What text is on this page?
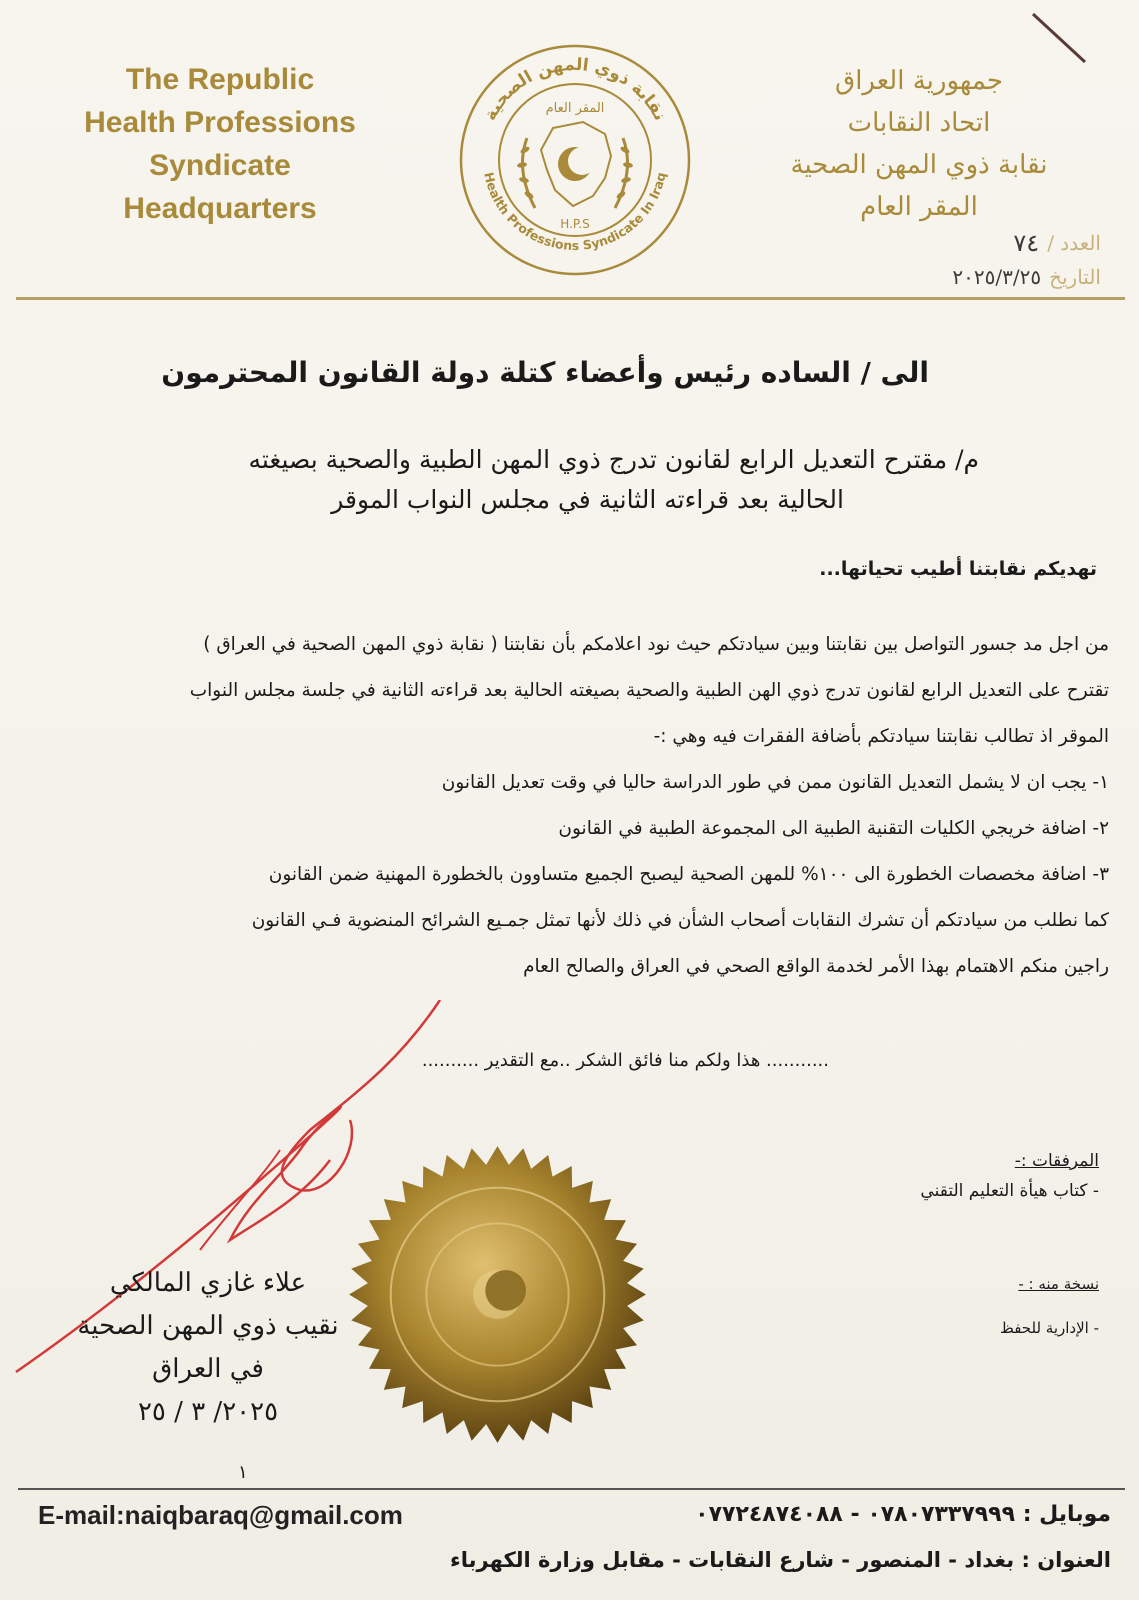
The Republic
Health Professions
Syndicate
Headquarters
نقابة ذوي المهن الصحية
Health Professions Syndicate In Iraq
المقر العام
H.P.S
جمهورية العراق
اتحاد النقابات
نقابة ذوي المهن الصحية
المقر العام
العدد /
٧٤
التاريخ
٢٠٢٥/٣/٢٥
الى / الساده رئيس وأعضاء كتلة دولة القانون المحترمون
م/ مقترح التعديل الرابع لقانون تدرج ذوي المهن الطبية والصحية بصيغته
الحالية بعد قراءته الثانية في مجلس النواب الموقر
تهديكم نقابتنا أطيب تحياتها...

من اجل مد جسور التواصل بين نقابتنا وبين سيادتكم حيث نود اعلامكم بأن نقابتنا ( نقابة ذوي المهن الصحية في العراق )

تقترح على التعديل الرابع لقانون تدرج ذوي الهن الطبية والصحية بصيغته الحالية بعد قراءته الثانية في جلسة مجلس النواب

الموقر اذ تطالب نقابتنا سيادتكم بأضافة الفقرات فيه وهي :-

١- يجب ان لا يشمل التعديل القانون ممن في طور الدراسة حاليا في وقت تعديل القانون

٢- اضافة خريجي الكليات التقنية الطبية الى المجموعة الطبية في القانون

٣- اضافة مخصصات الخطورة الى ١٠٠% للمهن الصحية ليصبح الجميع متساوون بالخطورة المهنية ضمن القانون

كما نطلب من سيادتكم أن تشرك النقابات أصحاب الشأن في ذلك لأنها تمثل جمـيع الشرائح المنضوية فـي القانون

راجين منكم الاهتمام بهذا الأمر لخدمة الواقع الصحي في العراق والصالح العام

........... هذا ولكم منا فائق الشكر ..مع التقدير ..........
المرفقات :-
- كتاب هيأة التعليم التقني
نسخة منه : -
- الإدارية للحفظ
علاء غازي المالكي
نقيب ذوي المهن الصحية
في العراق
٢٠٢٥/ ٣ / ٢٥
١
E-mail:naiqbaraq@gmail.com	موبايل : ٠٧٨٠٧٣٣٧٩٩٩ - ٠٧٧٢٤٨٧٤٠٨٨
العنوان : بغداد - المنصور - شارع النقابات - مقابل وزارة الكهرباء
